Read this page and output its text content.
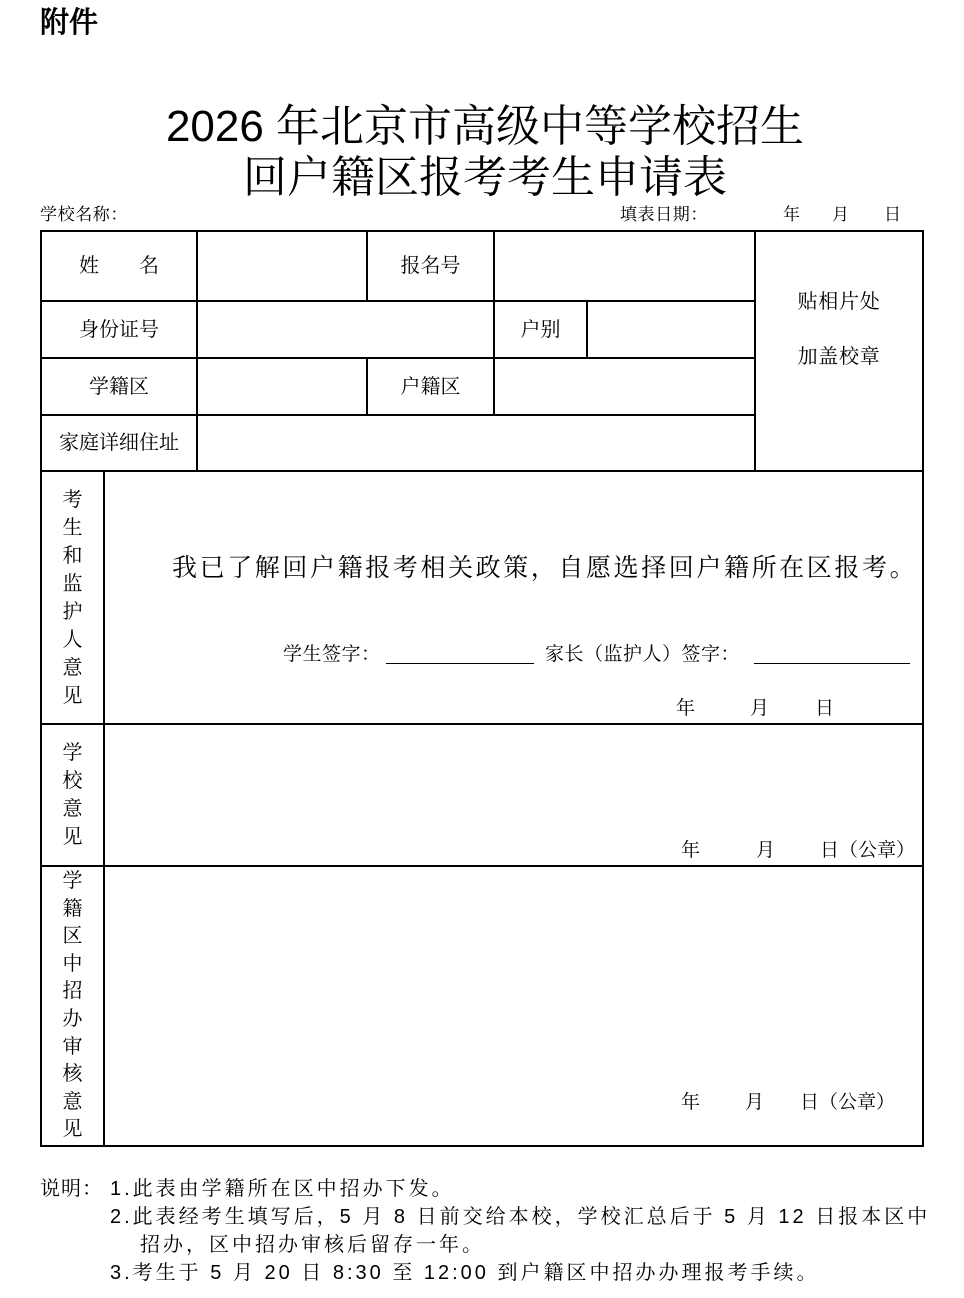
附件
2026 年北京市高级中等学校招生
回户籍区报考考生申请表
学校名称：	填表日期：	年 月 日
姓　　名	报名号
贴相片处
加盖校章
身份证号	户别
学籍区	户籍区
家庭详细住址
考生和监护人意见
我已了解回户籍报考相关政策，自愿选择回户籍所在区报考。
学生签字：	家长（监护人）签字：
年	月 日
学校意见
年	月 日（公章）
学籍区中招办审核意见
年 月 日（公章）
说明： 1.此表由学籍所在区中招办下发。
2.此表经考生填写后，5 月 8 日前交给本校，学校汇总后于 5 月 12 日报本区中
招办，区中招办审核后留存一年。
3.考生于 5 月 20 日 8:30 至 12:00 到户籍区中招办办理报考手续。
